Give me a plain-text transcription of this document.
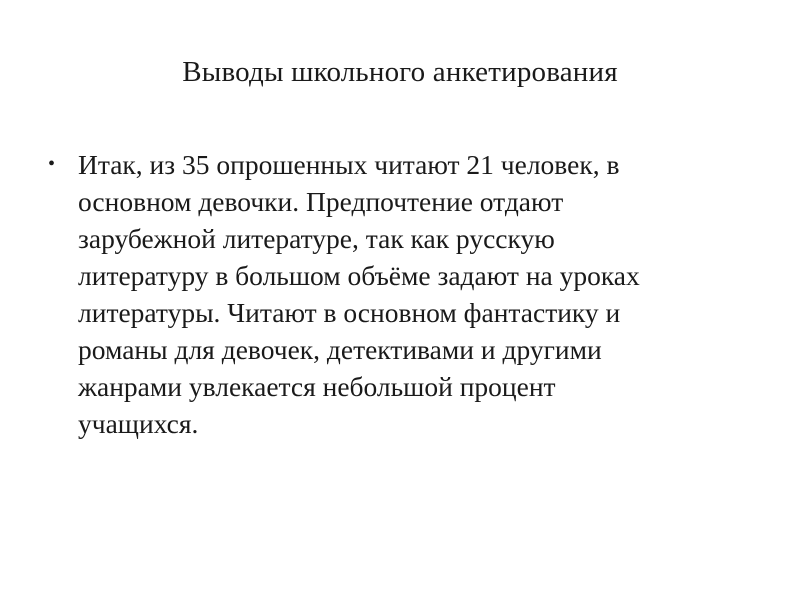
Выводы школьного анкетирования
• Итак, из 35 опрошенных читают 21 человек, в
основном девочки. Предпочтение отдают
зарубежной литературе, так как русскую
литературу в большом объёме задают на уроках
литературы. Читают в основном фантастику и
романы для девочек, детективами и другими
жанрами увлекается небольшой процент
учащихся.
